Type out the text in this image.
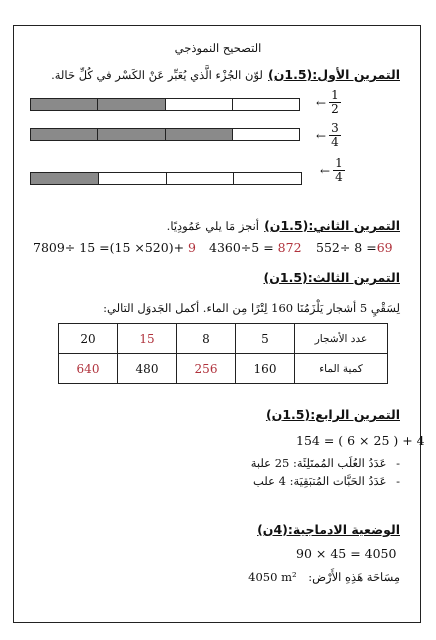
التصحيح النموذجي
التمرين الأول:(1.5ن) لوّن الجُزْء الَّذي يُعَبِّر عَنْ الكَسْر في كُلِّ حَالة.
← $\frac{1}{2}$
← $\frac{3}{4}$
← $\frac{1}{4}$
التمرين الثاني:(1.5ن) أنجز مَا يلي عَمُودِيًا.
552÷ 8 =69
4360÷5 = 872
7809÷ 15 =(15 ×520)+ 9
التمرين الثالث:(1.5ن)
لِسَقْيِ 5 أشجار يَلْزَمُنَا 160 لِتْرًا مِن الماء. أكمل الجَدوَل التالي:
عدد الأشجار	5	8	15	20
كمية الماء	160	256	480	640
التمرين الرابع:(1.5ن)
154 = ( 6 × 25 ) + 4
- عَدَدُ العُلَب المُمتَلِئَة: 25 علبة
- عَدَدُ الحَبَّات المُتبَقِيَة: 4 علب
الوضعية الادماجية:(4ن)
90 × 45 = 4050
مِسَاحَة هَذِهِ الأَرْض: 4050 m²
